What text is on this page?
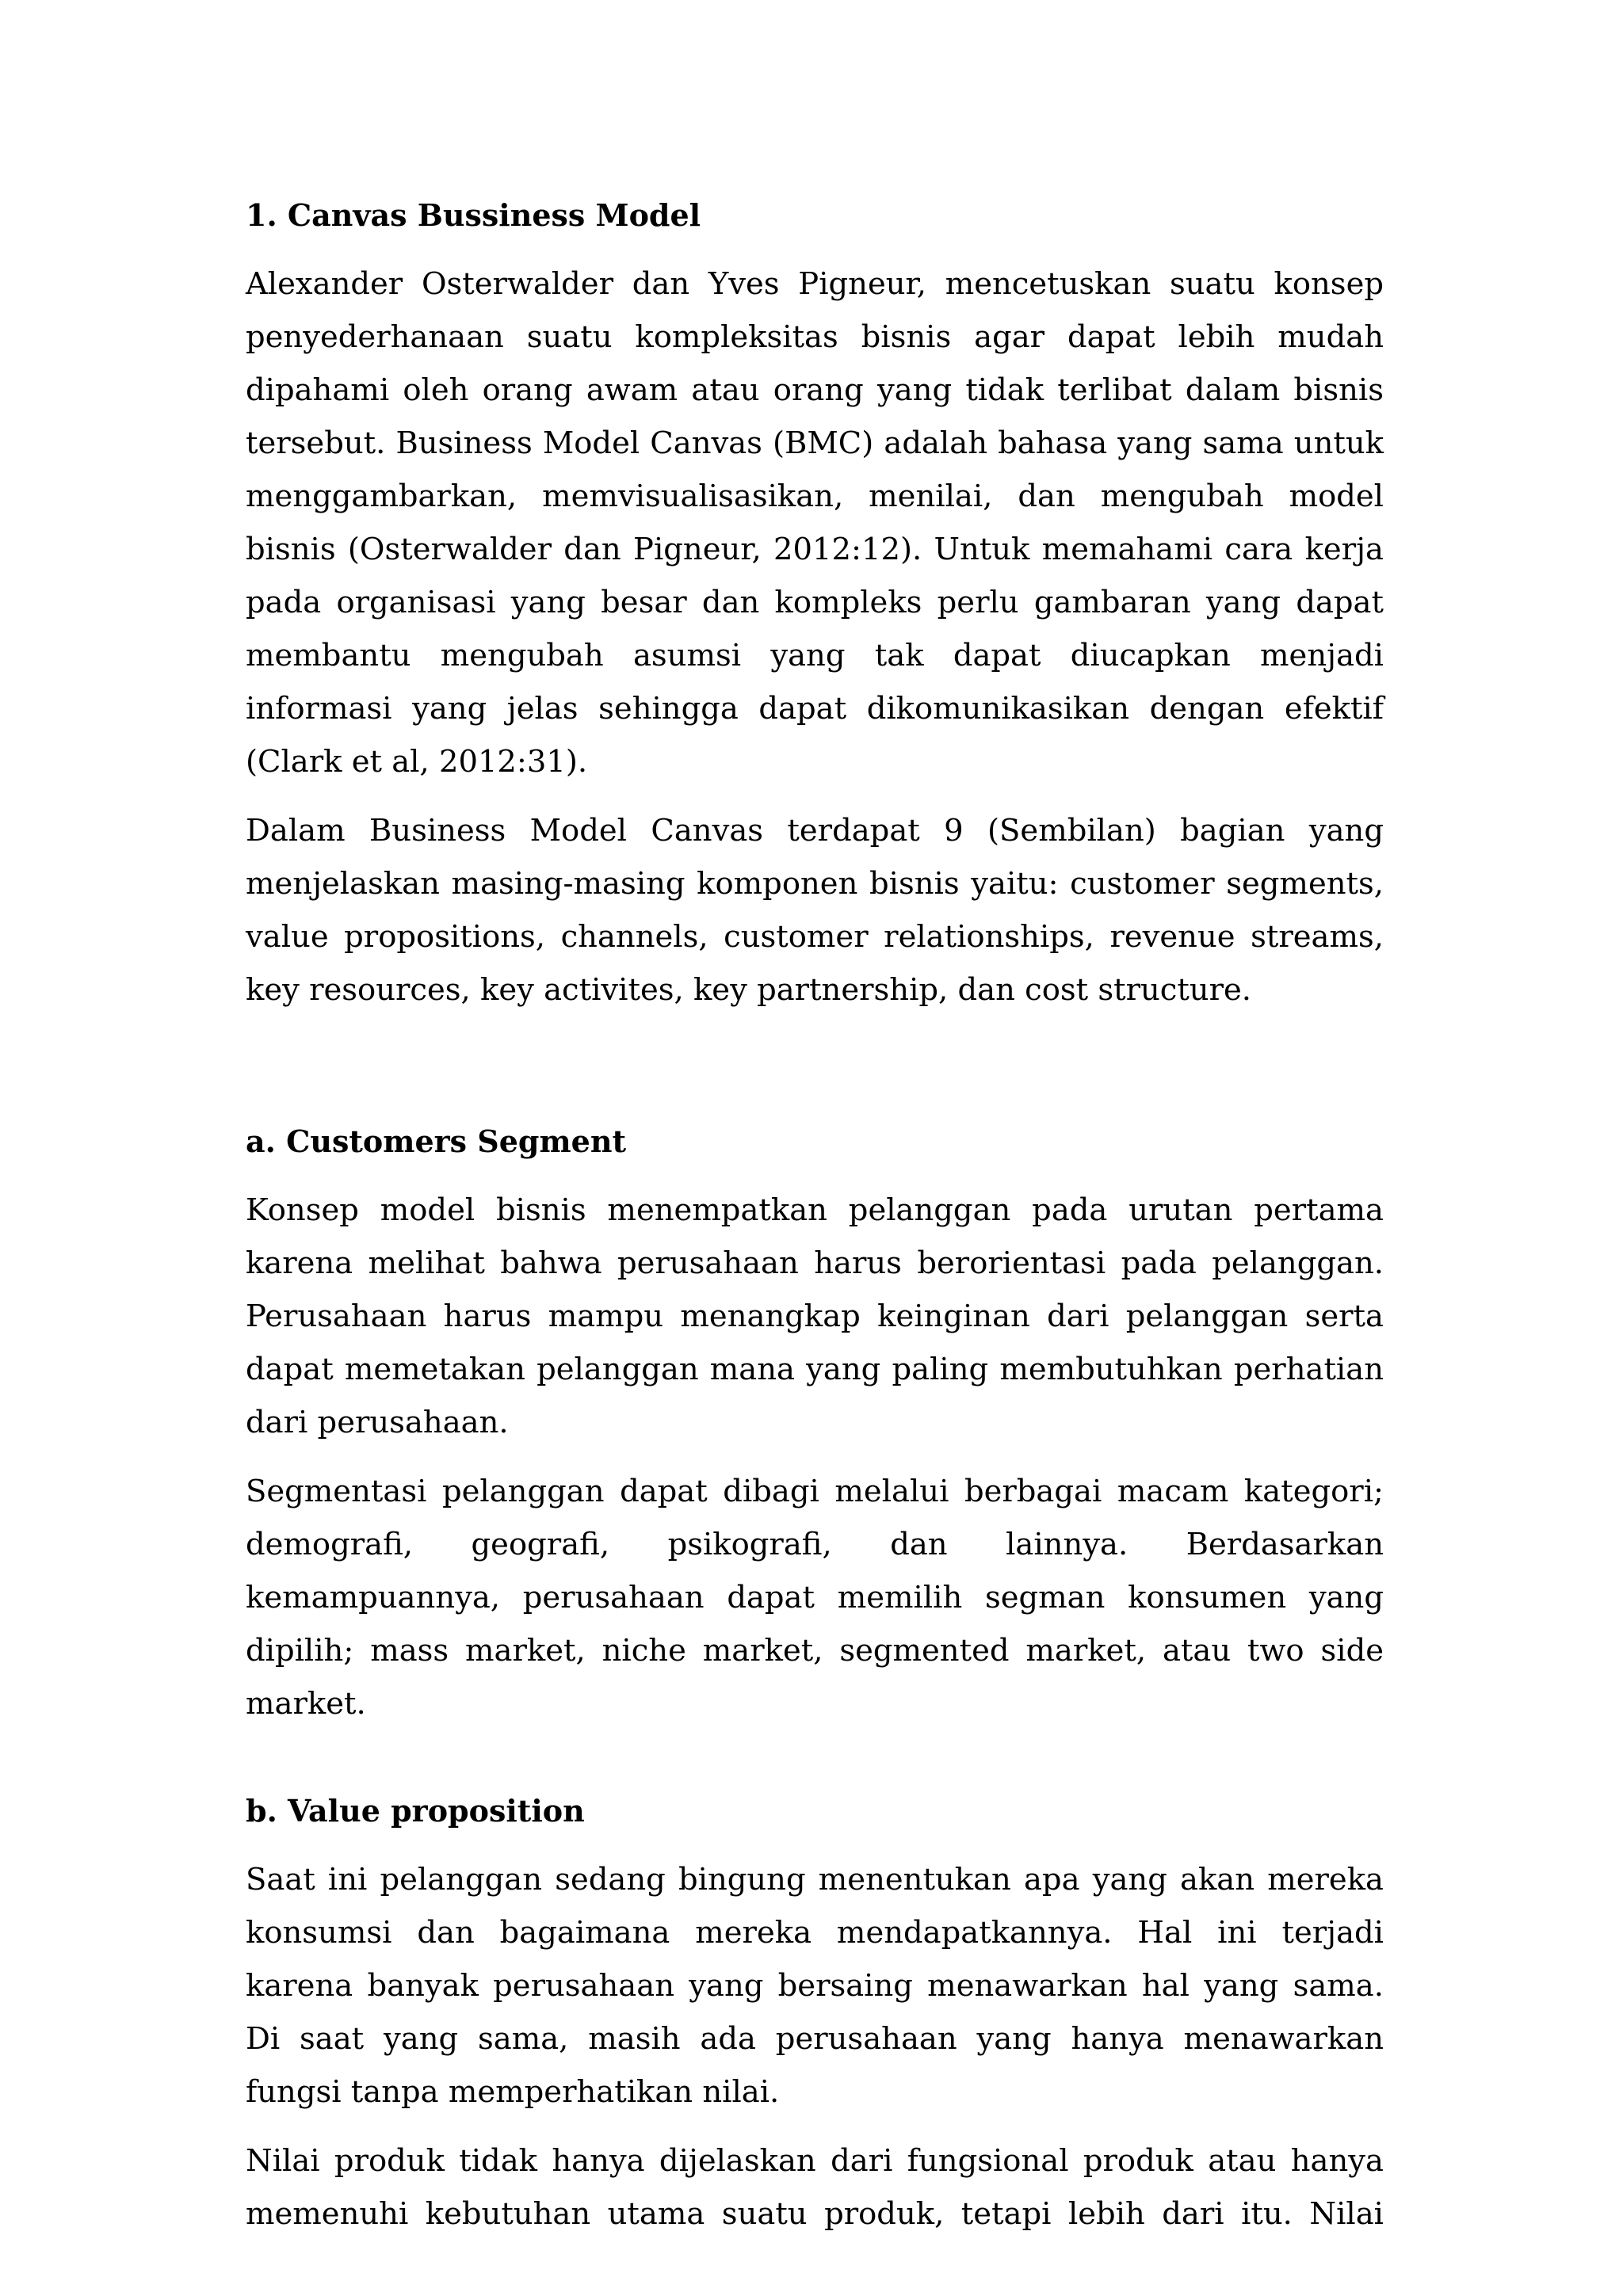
1. Canvas Bussiness Model

Alexander Osterwalder dan Yves Pigneur, mencetuskan suatu konsep penyederhanaan suatu kompleksitas bisnis agar dapat lebih mudah dipahami oleh orang awam atau orang yang tidak terlibat dalam bisnis tersebut. Business Model Canvas (BMC) adalah bahasa yang sama untuk menggambarkan, memvisualisasikan, menilai, dan mengubah model bisnis (Osterwalder dan Pigneur, 2012:12). Untuk memahami cara kerja pada organisasi yang besar dan kompleks perlu gambaran yang dapat membantu mengubah asumsi yang tak dapat diucapkan menjadi informasi yang jelas sehingga dapat dikomunikasikan dengan efektif (Clark et al, 2012:31).

Dalam Business Model Canvas terdapat 9 (Sembilan) bagian yang menjelaskan masing-masing komponen bisnis yaitu: customer segments, value propositions, channels, customer relationships, revenue streams, key resources, key activites, key partnership, dan cost structure.

a. Customers Segment

Konsep model bisnis menempatkan pelanggan pada urutan pertama karena melihat bahwa perusahaan harus berorientasi pada pelanggan. Perusahaan harus mampu menangkap keinginan dari pelanggan serta dapat memetakan pelanggan mana yang paling membutuhkan perhatian dari perusahaan.

Segmentasi pelanggan dapat dibagi melalui berbagai macam kategori; demografi, geografi, psikografi, dan lainnya. Berdasarkan kemampuannya, perusahaan dapat memilih segman konsumen yang dipilih; mass market, niche market, segmented market, atau two side market.

b. Value proposition

Saat ini pelanggan sedang bingung menentukan apa yang akan mereka konsumsi dan bagaimana mereka mendapatkannya. Hal ini terjadi karena banyak perusahaan yang bersaing menawarkan hal yang sama. Di saat yang sama, masih ada perusahaan yang hanya menawarkan fungsi tanpa memperhatikan nilai.

Nilai produk tidak hanya dijelaskan dari fungsional produk atau hanya memenuhi kebutuhan utama suatu produk, tetapi lebih dari itu. Nilai
